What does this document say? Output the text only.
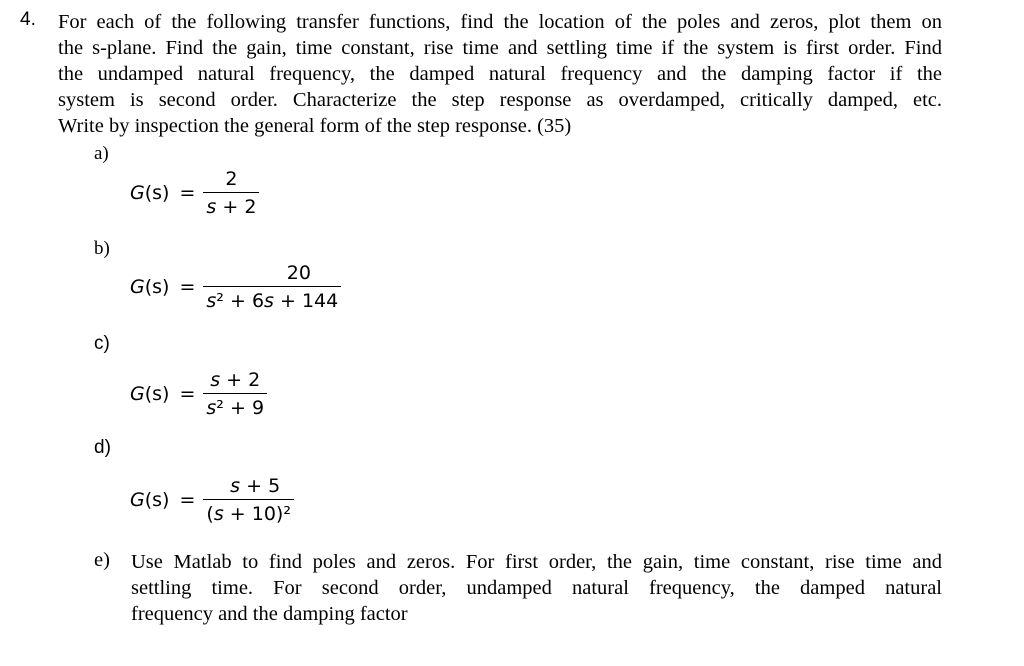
4. For each of the following transfer functions, find the location of the poles and zeros, plot them on
the s-plane. Find the gain, time constant, rise time and settling time if the system is first order. Find
the undamped natural frequency, the damped natural frequency and the damping factor if the
system is second order. Characterize the step response as overdamped, critically damped, etc.
Write by inspection the general form of the step response. (35)
a)
$G(s) = \frac{2}{s + 2}$
b)
$G(s) = \frac{20}{\text{s² + 6s + 144}}$
c)
$G(s) = \frac{s + 2}{\text{s² + 9}}$
d)
$G(s) = \frac{s + 5}{\text{(s + 10)²}}$
e) Use Matlab to find poles and zeros. For first order, the gain, time constant, rise time and
settling time. For second order, undamped natural frequency, the damped natural
frequency and the damping factor
